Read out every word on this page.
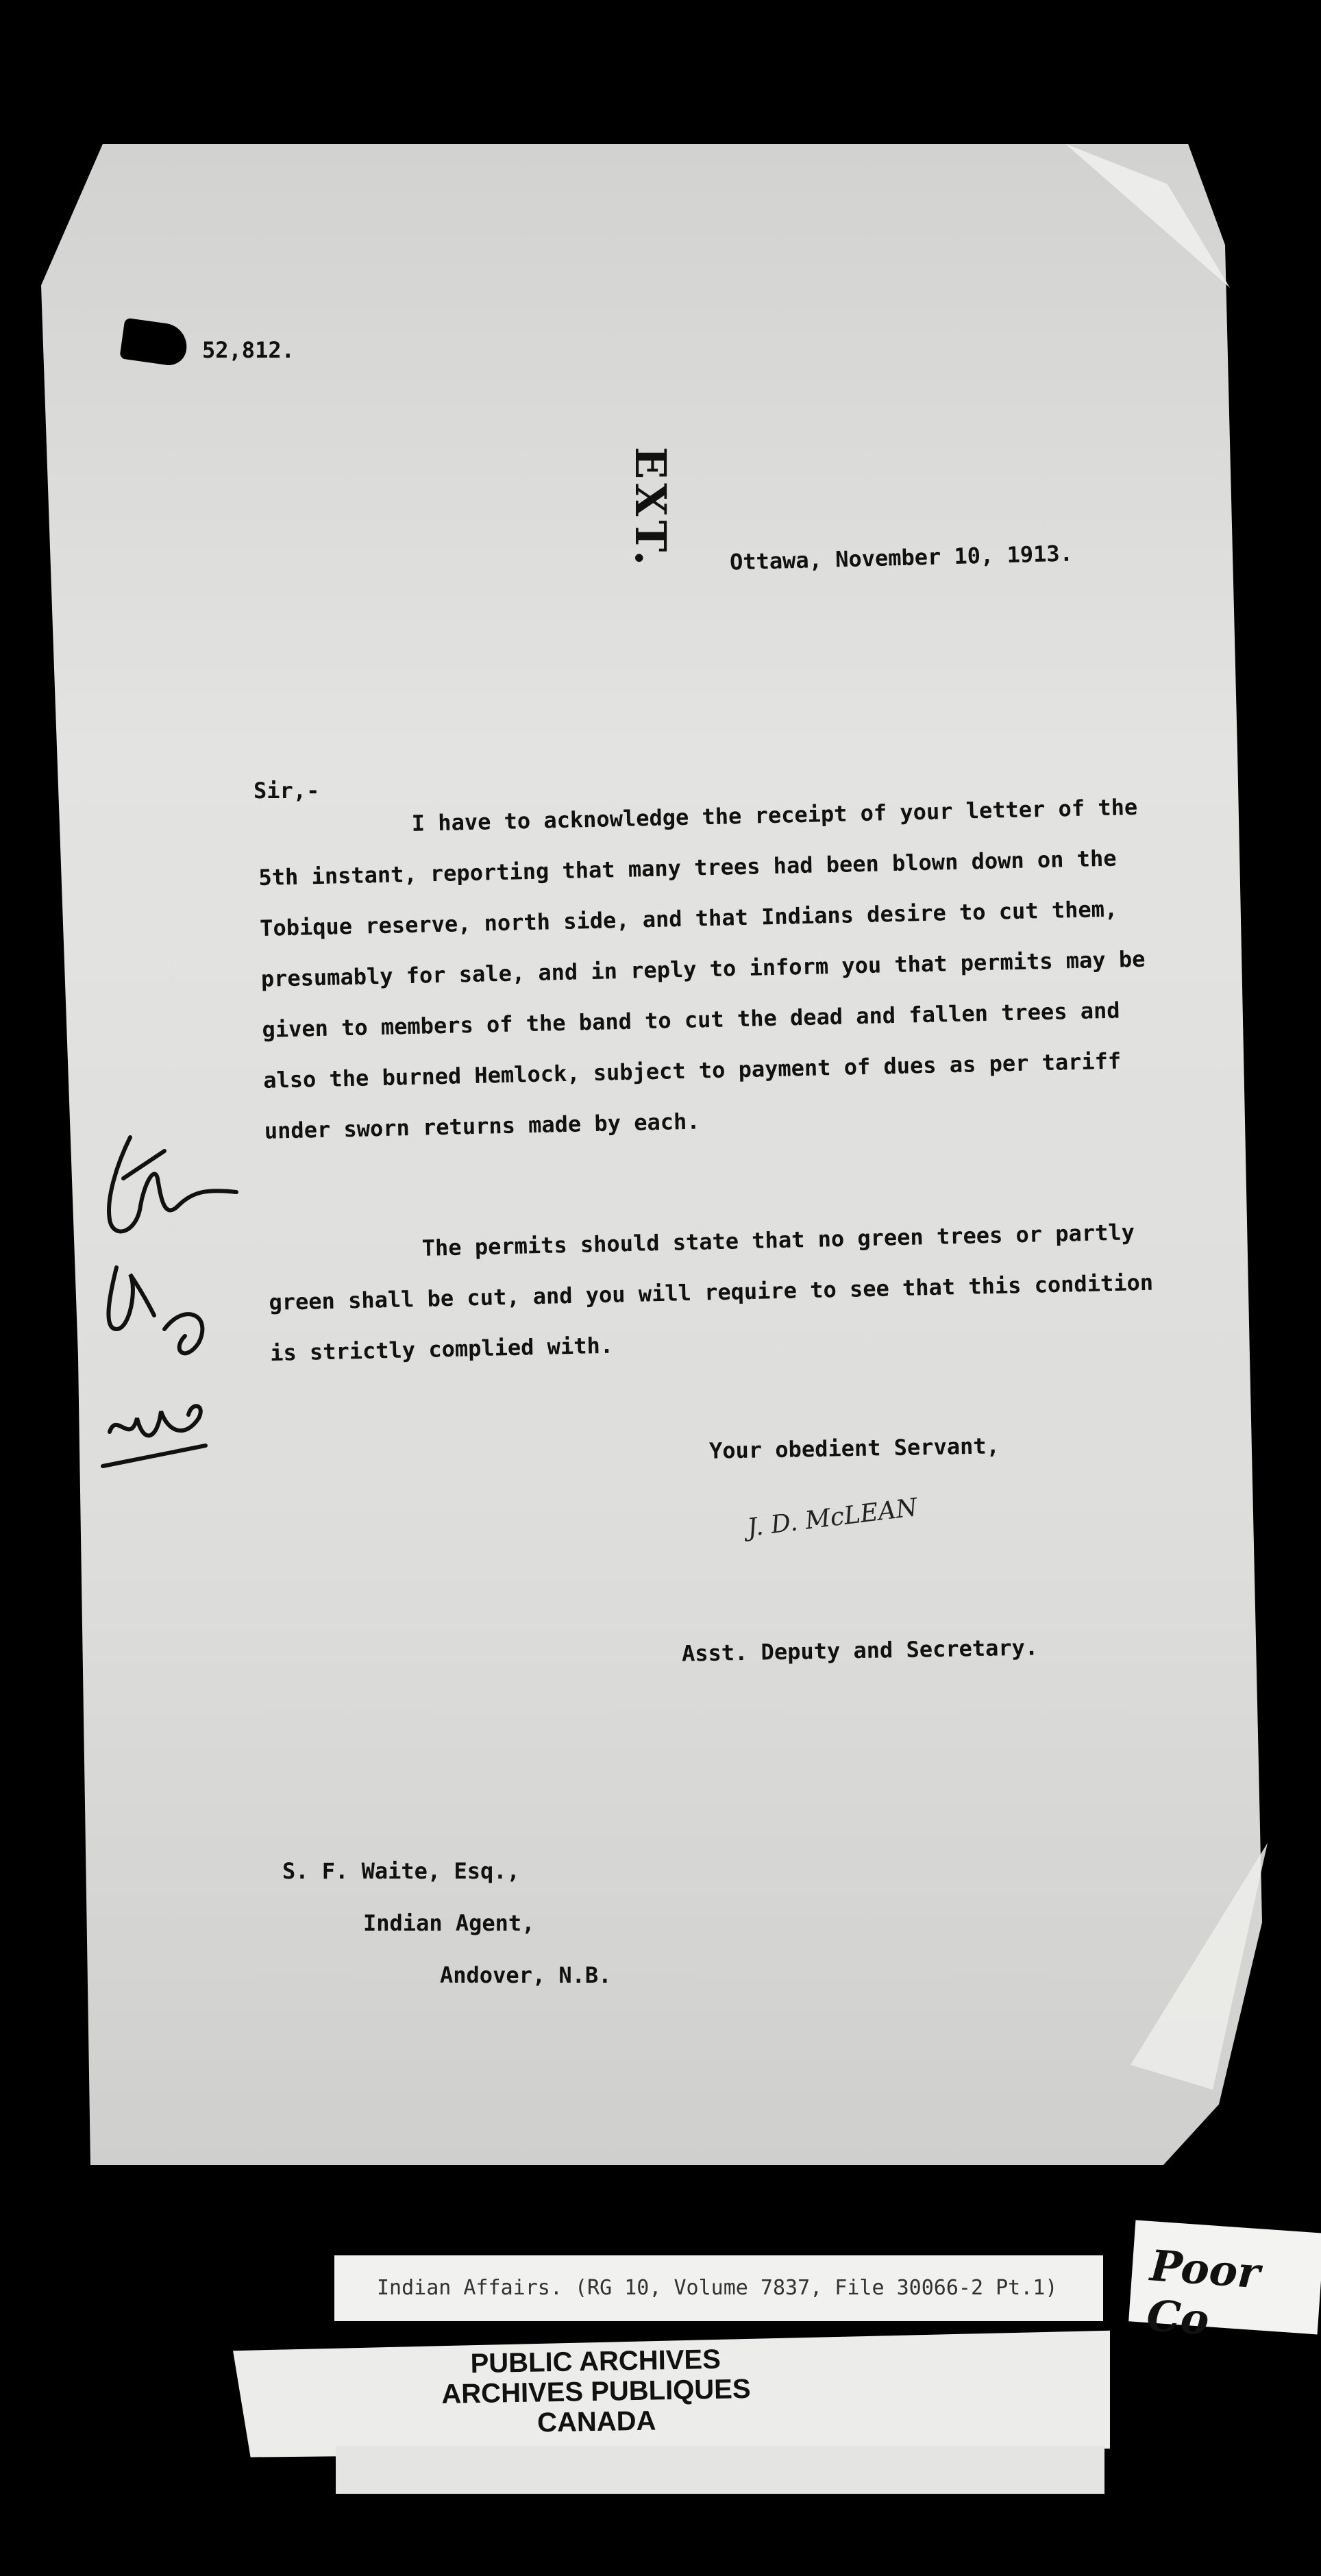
52,812.
EXT. Ottawa, November 10, 1913.
Sir,-
I have to acknowledge the receipt of your letter of the 5th instant, reporting that many trees had been blown down on the Tobique reserve, north side, and that Indians desire to cut them, presumably for sale, and in reply to inform you that permits may be given to members of the band to cut the dead and fallen trees and also the burned Hemlock, subject to payment of dues as per tariff under sworn returns made by each.
The permits should state that no green trees or partly green shall be cut, and you will require to see that this condition is strictly complied with.
Your obedient Servant,
J. D. McLEAN
Asst. Deputy and Secretary.
S. F. Waite, Esq.,
Indian Agent,
Andover, N.B.
Indian Affairs. (RG 10, Volume 7837, File 30066-2 Pt.1) Poor Co
PUBLIC ARCHIVES
ARCHIVES PUBLIQUES
CANADA
